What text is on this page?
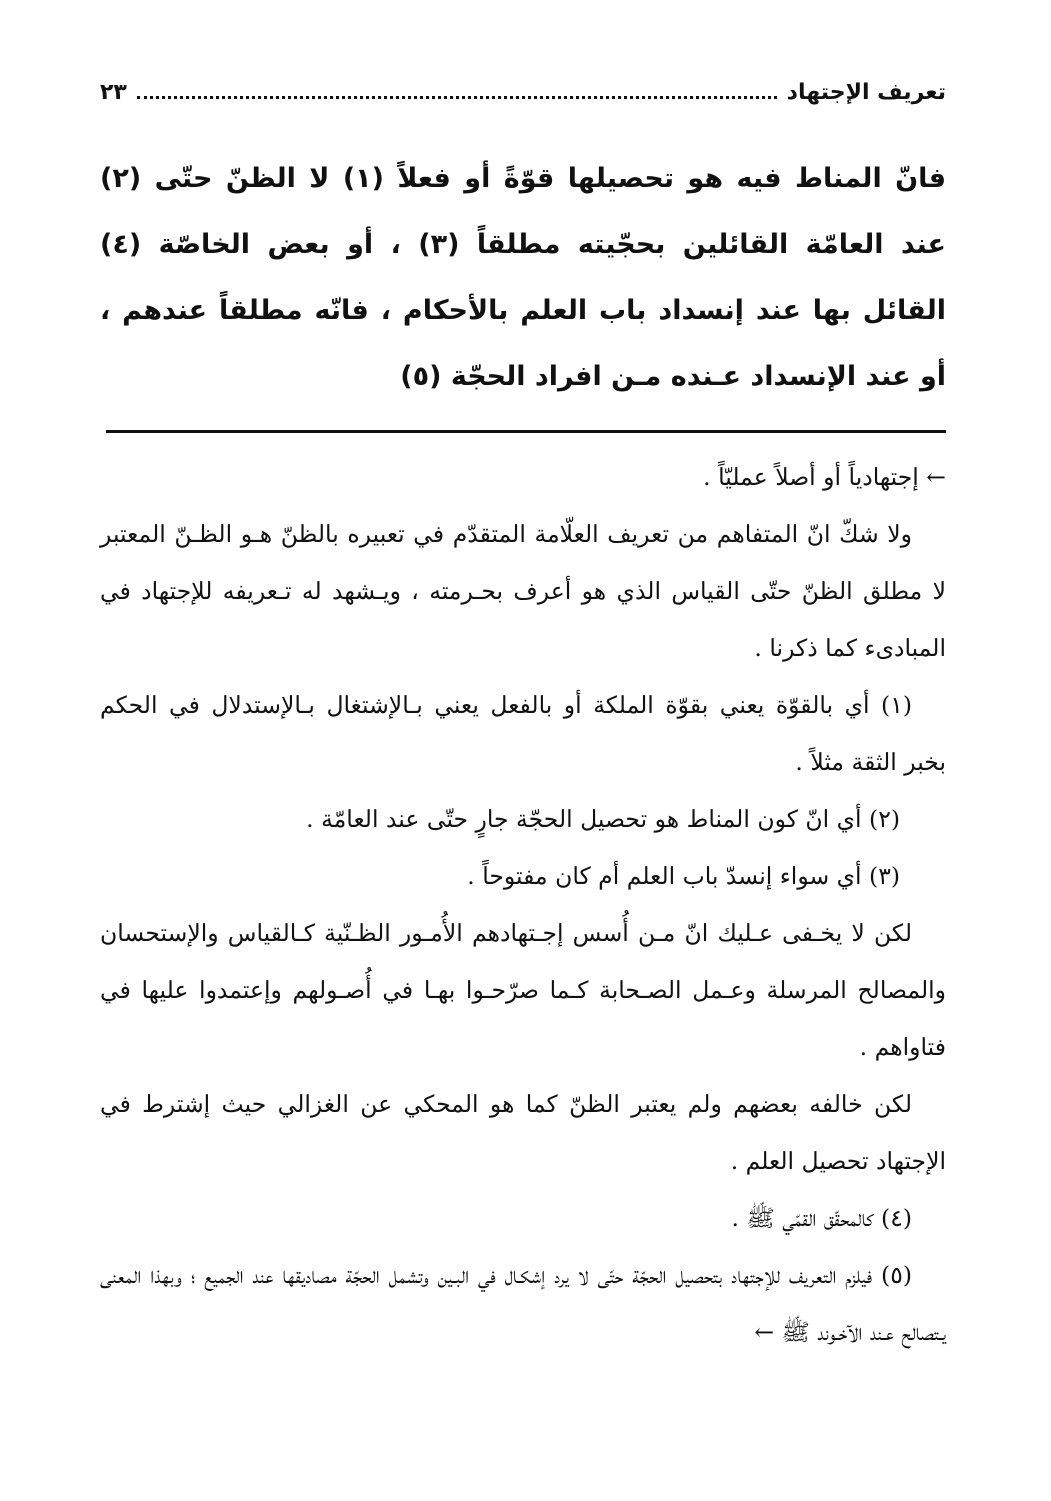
تعريف الإجتهاد
٢٣

فانّ المناط فيه هو تحصيلها قوّةً أو فعلاً (١) لا الظنّ حتّى (٢) عند العامّة القائلين بحجّيته مطلقاً (٣) ، أو بعض الخاصّة (٤) القائل بها عند إنسداد باب العلم بالأحكام ، فانّه مطلقاً عندهم ، أو عند الإنسداد عـنده مـن افراد الحجّة (٥)

← إجتهادياً أو أصلاً عمليّاً .

ولا شكّ انّ المتفاهم من تعريف العلّامة المتقدّم في تعبيره بالظنّ هـو الظـنّ المعتبر لا مطلق الظنّ حتّى القياس الذي هو أعرف بحـرمته ، ويـشهد له تـعريفه للإجتهاد في المبادىء كما ذكرنا .

(١) أي بالقوّة يعني بقوّة الملكة أو بالفعل يعني بـالإشتغال بـالإستدلال في الحكم بخبر الثقة مثلاً .

(٢) أي انّ كون المناط هو تحصيل الحجّة جارٍ حتّى عند العامّة .

(٣) أي سواء إنسدّ باب العلم أم كان مفتوحاً .

لكن لا يخـفى عـليك انّ مـن أُسس إجـتهادهم الأُمـور الظـنّية كـالقياس والإستحسان والمصالح المرسلة وعـمل الصـحابة كـما صرّحـوا بهـا في أُصـولهم وإعتمدوا عليها في فتاواهم .

لكن خالفه بعضهم ولم يعتبر الظنّ كما هو المحكي عن الغزالي حيث إشترط في الإجتهاد تحصيل العلم .

(٤) كالمحقّق القمّي ﷺ .

(٥) فيلزم التعريف للإجتهاد بتحصيل الحجّة حتّى لا يرد إشكـال في البـين وتشمل الحجّة مصاديقها عند الجميع ؛ وبهذا المعنى يـتصالح عـند الآخـوند ﷺ ←
